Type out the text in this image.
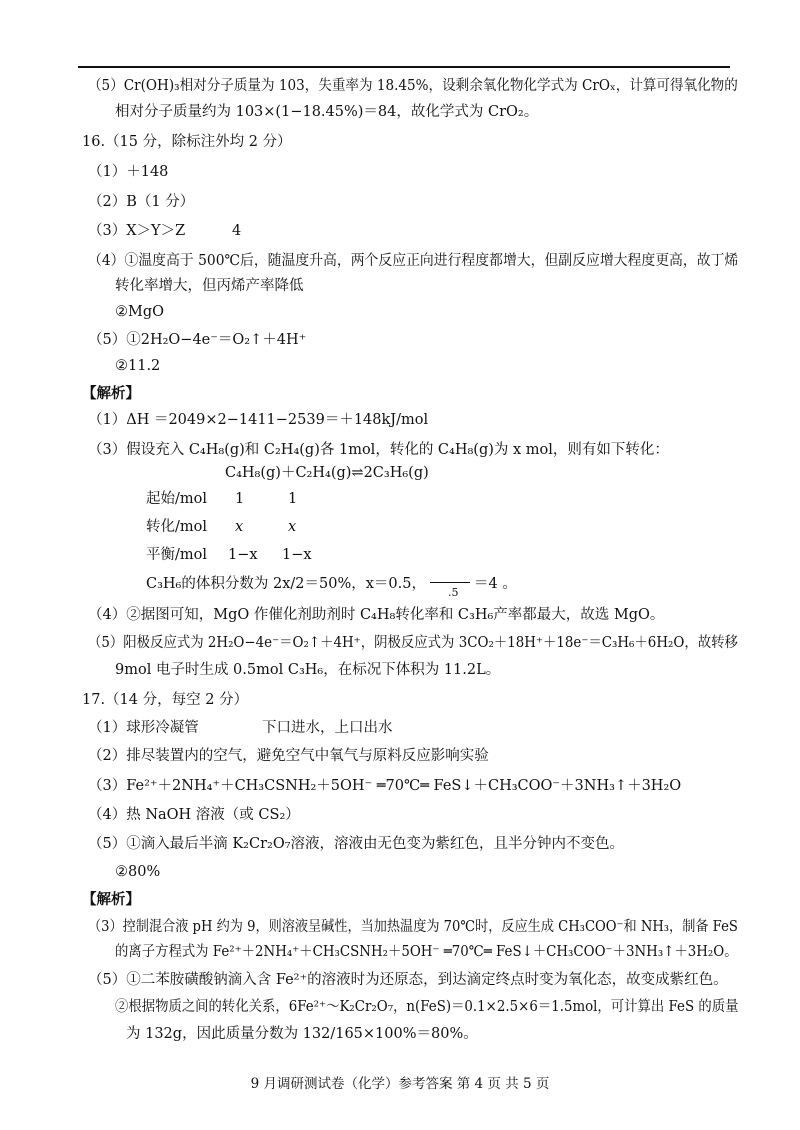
（5）Cr(OH)₃相对分子质量为 103，失重率为 18.45%，设剩余氧化物化学式为 CrOₓ，计算可得氧化物的
相对分子质量约为 103×(1−18.45%)＝84，故化学式为 CrO₂。
16.（15 分，除标注外均 2 分）
（1）＋148
（2）B（1 分）
（3）X＞Y＞Z	4
（4）①温度高于 500℃后，随温度升高，两个反应正向进行程度都增大，但副反应增大程度更高，故丁烯
转化率增大，但丙烯产率降低
②MgO
（5）①2H₂O−4e⁻＝O₂↑＋4H⁺
②11.2
【解析】
（1）ΔH ＝2049×2−1411−2539＝＋148kJ/mol
（3）假设充入 C₄H₈(g)和 C₂H₄(g)各 1mol，转化的 C₄H₈(g)为 x mol，则有如下转化：
C₄H₈(g)＋C₂H₄(g)⇌2C₃H₆(g)
起始/mol 1	1
转化/mol x	x
平衡/mol 1−x 1−x
C₃H₆的体积分数为 2x/2＝50%，x＝0.5，
.5
＝4 。
（4）②据图可知，MgO 作催化剂助剂时 C₄H₈转化率和 C₃H₆产率都最大，故选 MgO。
（5）阳极反应式为 2H₂O−4e⁻＝O₂↑＋4H⁺，阴极反应式为 3CO₂＋18H⁺＋18e⁻＝C₃H₆＋6H₂O，故转移
9mol 电子时生成 0.5mol C₃H₆，在标况下体积为 11.2L。
17.（14 分，每空 2 分）
（1）球形冷凝管	下口进水，上口出水
（2）排尽装置内的空气，避免空气中氧气与原料反应影响实验
（3）Fe²⁺＋2NH₄⁺＋CH₃CSNH₂＋5OH⁻ ═70℃═ FeS↓＋CH₃COO⁻＋3NH₃↑＋3H₂O
（4）热 NaOH 溶液（或 CS₂）
（5）①滴入最后半滴 K₂Cr₂O₇溶液，溶液由无色变为紫红色，且半分钟内不变色。
②80%
【解析】
（3）控制混合液 pH 约为 9，则溶液呈碱性，当加热温度为 70℃时，反应生成 CH₃COO⁻和 NH₃，制备 FeS
的离子方程式为 Fe²⁺＋2NH₄⁺＋CH₃CSNH₂＋5OH⁻ ═70℃═ FeS↓＋CH₃COO⁻＋3NH₃↑＋3H₂O。
（5）①二苯胺磺酸钠滴入含 Fe²⁺的溶液时为还原态，到达滴定终点时变为氧化态，故变成紫红色。
②根据物质之间的转化关系，6Fe²⁺～K₂Cr₂O₇，n(FeS)＝0.1×2.5×6＝1.5mol，可计算出 FeS 的质量
为 132g，因此质量分数为 132/165×100%＝80%。
9 月调研测试卷（化学）参考答案 第 4 页 共 5 页
